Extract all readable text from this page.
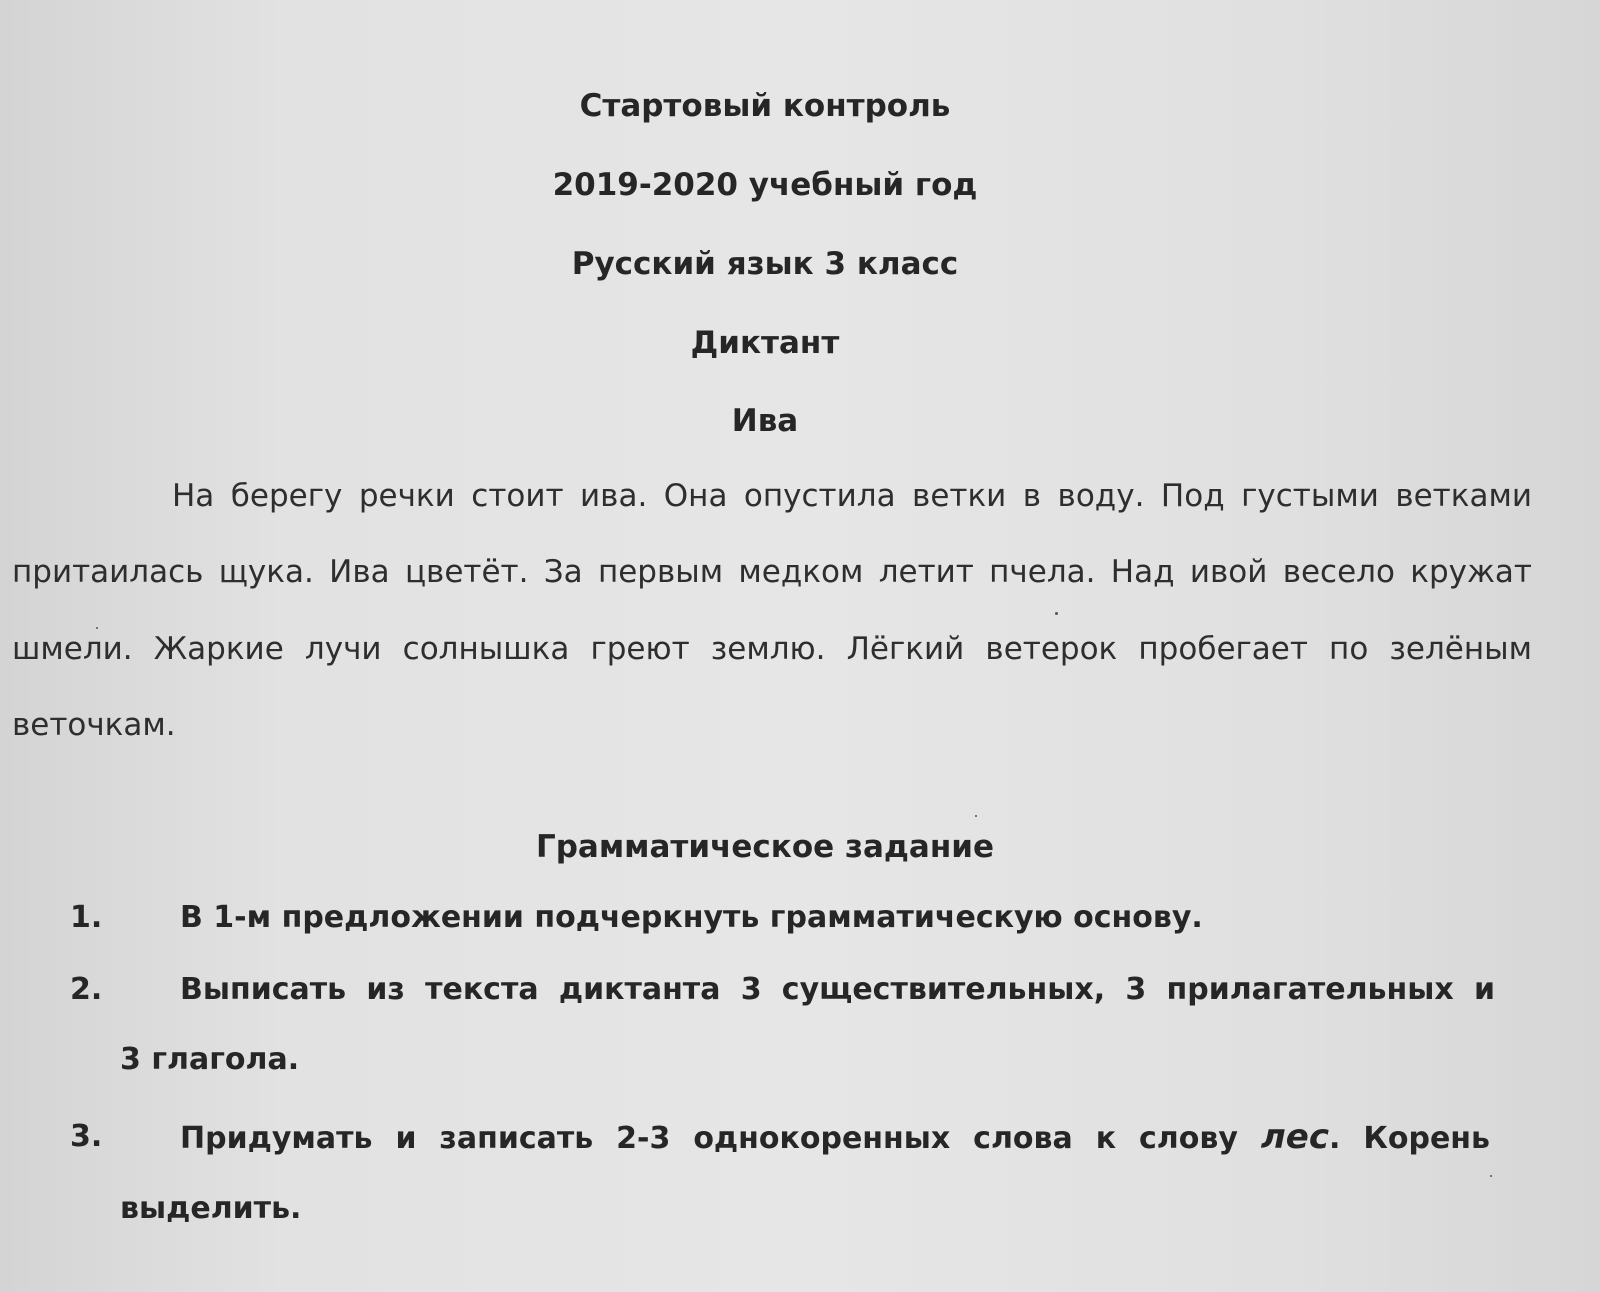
Стартовый контроль
2019-2020 учебный год
Русский язык 3 класс
Диктант
Ива
На берегу речки стоит ива. Она опустила ветки в воду. Под густыми ветками
притаилась щука. Ива цветёт. За первым медком летит пчела. Над ивой весело кружат
шмели. Жаркие лучи солнышка греют землю. Лёгкий ветерок пробегает по зелёным
веточкам.
Грамматическое задание
1.	В 1-м предложении подчеркнуть грамматическую основу.
2.	Выписать из текста диктанта 3 существительных, 3 прилагательных и
3 глагола.
3.	Придумать и записать 2-3 однокоренных слова к слову лес. Корень
выделить.
